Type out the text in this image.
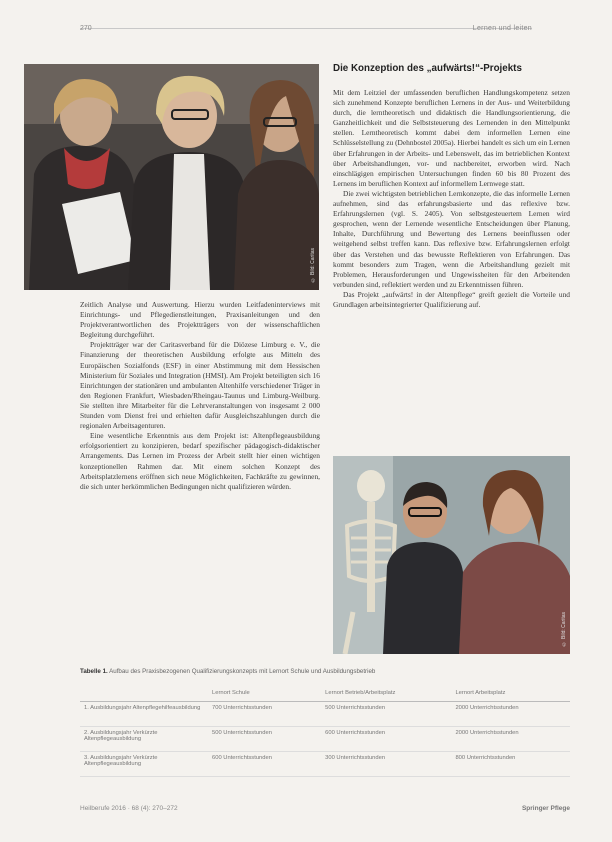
270	Lernen und leiten
© Bild: Caritas
Die Konzeption des „aufwärts!“-Projekts

Mit dem Leitziel der umfassenden beruflichen Handlungskompetenz setzen sich zunehmend Konzepte beruflichen Lernens in der Aus- und Weiterbildung durch, die lerntheoretisch und didaktisch die Handlungsorientierung, die Ganzheitlichkeit und die Selbststeuerung des Lernenden in den Mittelpunkt stellen. Lerntheoretisch kommt dabei dem informellen Lernen eine Schlüsselstellung zu (Dehnbostel 2005a). Hierbei handelt es sich um ein Lernen über Erfahrungen in der Arbeits- und Lebenswelt, das im betrieblichen Kontext über Arbeitshandlungen, vor- und nachbereitet, erworben wird. Nach einschlägigen empirischen Untersuchungen finden 60 bis 80 Prozent des Lernens im beruflichen Kontext auf informellem Lernwege statt.

Die zwei wichtigsten betrieblichen Lernkonzepte, die das informelle Lernen aufnehmen, sind das erfahrungsbasierte und das reflexive bzw. Erfahrungslernen (vgl. S. 2405). Von selbstgesteuertem Lernen wird gesprochen, wenn der Lernende wesentliche Entscheidungen über Planung, Inhalte, Durchführung und Bewertung des Lernens beeinflussen oder weitgehend selbst treffen kann. Das reflexive bzw. Erfahrungslernen erfolgt über das Verstehen und das bewusste Reflektieren von Erfahrungen. Das kommt besonders zum Tragen, wenn die Arbeitshandlung gezielt mit Problemen, Herausforderungen und Ungewissheiten für den Arbeitenden verbunden sind, reflektiert werden und zu Erkenntnissen führen.

Das Projekt „aufwärts! in der Altenpflege“ greift gezielt die Vorteile und Grundlagen arbeitsintegrierter Qualifizierung auf.

Zeitlich Analyse und Auswertung. Hierzu wurden Leitfadeninterviews mit Einrichtungs- und Pflegedienstleitungen, Praxisanleitungen und den Projektverantwortlichen des Projektträgers von der wissenschaftlichen Begleitung durchgeführt.

Projektträger war der Caritasverband für die Diözese Limburg e. V., die Finanzierung der theoretischen Ausbildung erfolgte aus Mitteln des Europäischen Sozialfonds (ESF) in einer Abstimmung mit dem Hessischen Ministerium für Soziales und Integration (HMSI). Am Projekt beteiligten sich 16 Einrichtungen der stationären und ambulanten Altenhilfe verschiedener Träger in den Regionen Frankfurt, Wiesbaden/Rheingau-Taunus und Limburg-Weilburg. Sie stellten ihre Mitarbeiter für die Lehrveranstaltungen von insgesamt 2 000 Stunden vom Dienst frei und erhielten dafür Ausgleichszahlungen durch die regionalen Arbeitsagenturen.

Eine wesentliche Erkenntnis aus dem Projekt ist: Altenpflegeausbildung erfolgsorientiert zu konzipieren, bedarf spezifischer pädagogisch-didaktischer Arrangements. Das Lernen im Prozess der Arbeit stellt hier einen wichtigen konzeptionellen Rahmen dar. Mit einem solchen Konzept des Arbeitsplatzlernens eröffnen sich neue Möglichkeiten, Fachkräfte zu gewinnen, die sich unter herkömmlichen Bedingungen nicht qualifizieren würden.

© Bild: Caritas
Tabelle 1. Aufbau des Praxisbezogenen Qualifizierungskonzepts mit Lernort Schule und Ausbildungsbetrieb
	Lernort Schule	Lernort Betrieb/Arbeitsplatz	Lernort Arbeitsplatz
1. Ausbildungsjahr Altenpflegehilfeausbildung	700 Unterrichtsstunden	500 Unterrichtsstunden	2000 Unterrichtsstunden
2. Ausbildungsjahr Verkürzte Altenpflegeausbildung	500 Unterrichtsstunden	600 Unterrichtsstunden	2000 Unterrichtsstunden
3. Ausbildungsjahr Verkürzte Altenpflegeausbildung	600 Unterrichtsstunden	300 Unterrichtsstunden	800 Unterrichtsstunden
Heilberufe 2016 · 68 (4): 270–272	Springer Pflege
